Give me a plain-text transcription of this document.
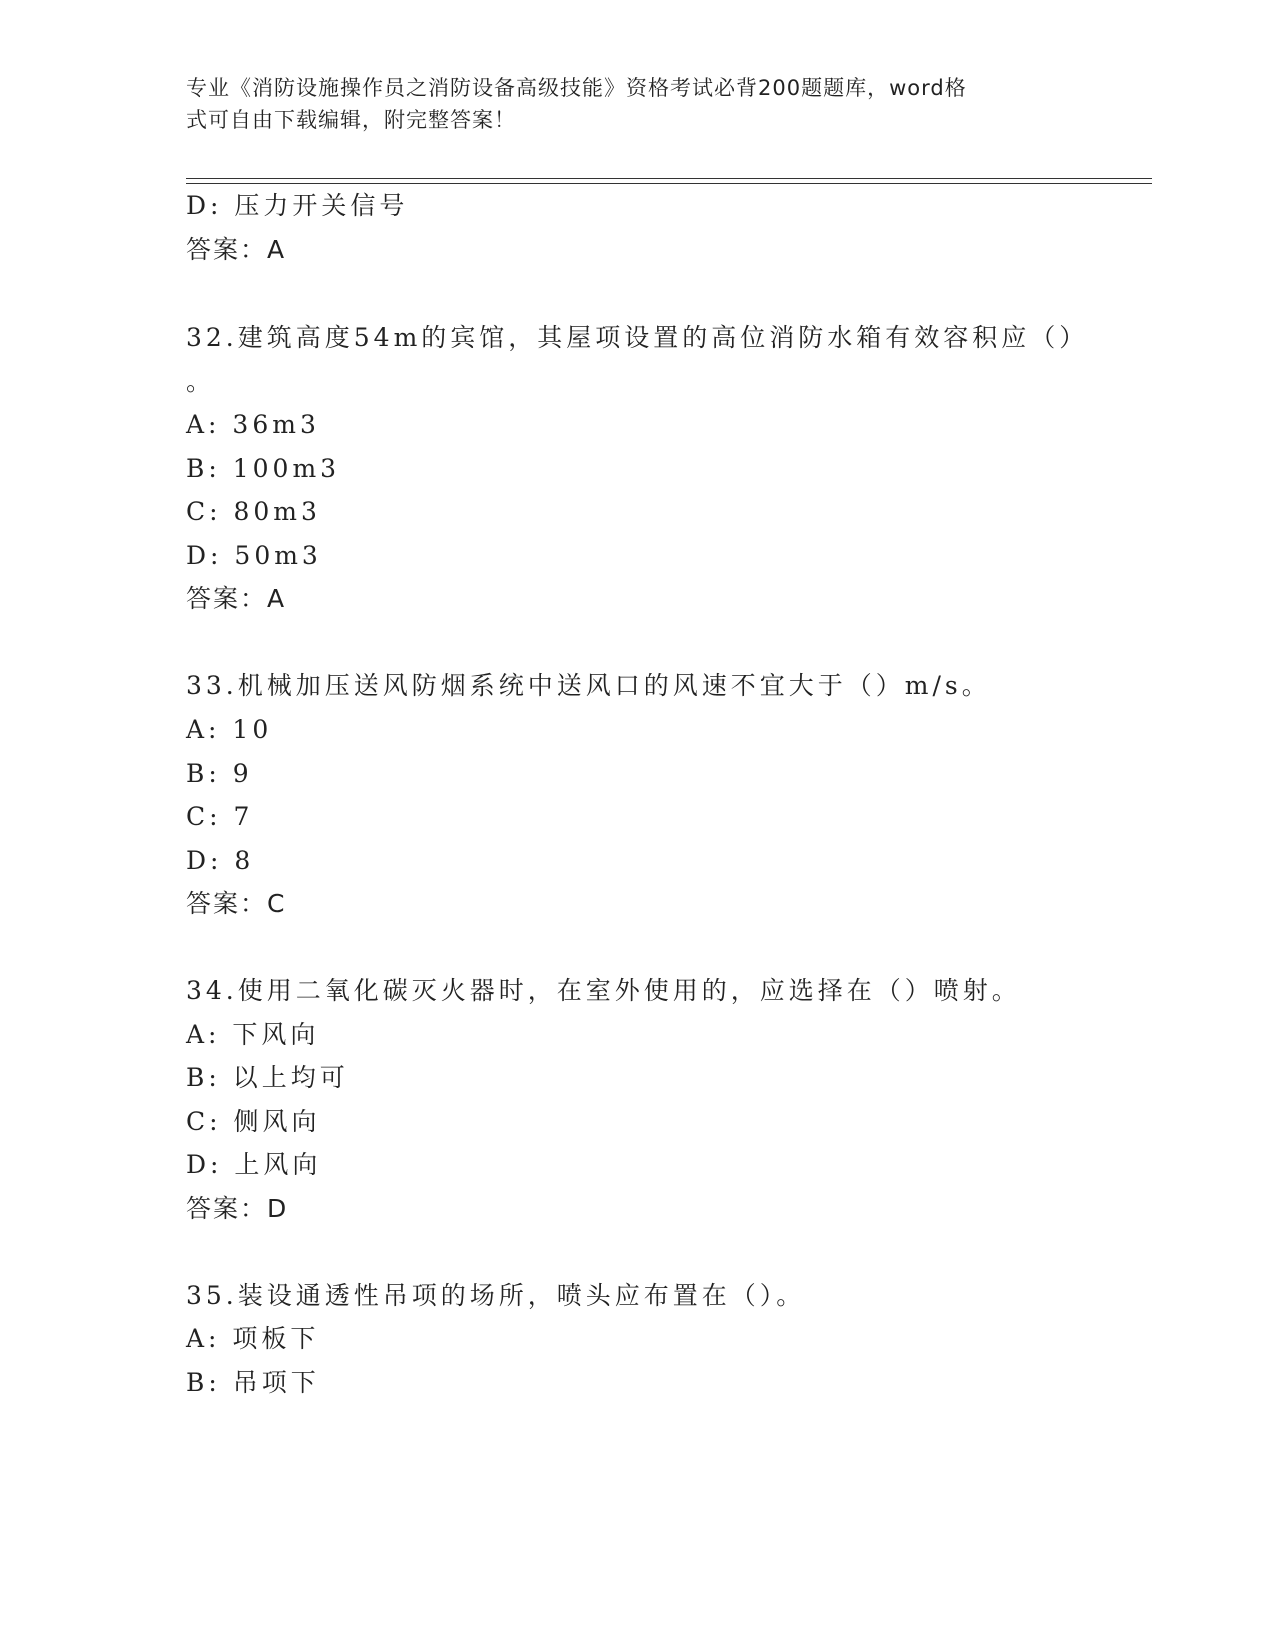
专业《消防设施操作员之消防设备高级技能》资格考试必背200题题库，word格
式可自由下载编辑，附完整答案！
D: 压力开关信号
答案：A
32.建筑高度54m的宾馆，其屋项设置的高位消防水箱有效容积应（）
。
A: 36m3
B: 100m3
C: 80m3
D: 50m3
答案：A
33.机械加压送风防烟系统中送风口的风速不宜大于（）m/s。
A: 10
B: 9
C: 7
D: 8
答案：C
34.使用二氧化碳灭火器时，在室外使用的，应选择在（）喷射。
A: 下风向
B: 以上均可
C: 侧风向
D: 上风向
答案：D
35.装设通透性吊项的场所，喷头应布置在（）。
A: 项板下
B: 吊项下
